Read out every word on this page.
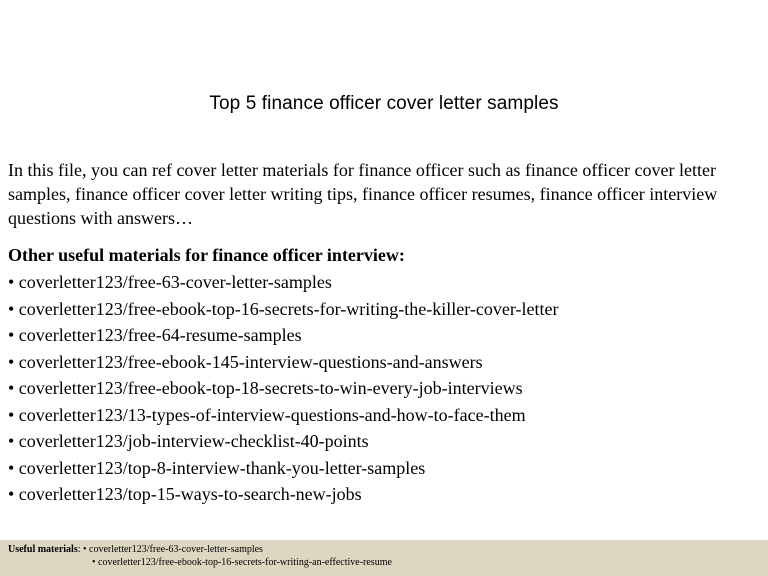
Top 5 finance officer cover letter samples
In this file, you can ref cover letter materials for finance officer such as finance officer cover letter samples, finance officer cover letter writing tips, finance officer resumes, finance officer interview questions with answers…
Other useful materials for finance officer interview:
• coverletter123/free-63-cover-letter-samples
• coverletter123/free-ebook-top-16-secrets-for-writing-the-killer-cover-letter
• coverletter123/free-64-resume-samples
• coverletter123/free-ebook-145-interview-questions-and-answers
• coverletter123/free-ebook-top-18-secrets-to-win-every-job-interviews
• coverletter123/13-types-of-interview-questions-and-how-to-face-them
• coverletter123/job-interview-checklist-40-points
• coverletter123/top-8-interview-thank-you-letter-samples
• coverletter123/top-15-ways-to-search-new-jobs
Useful materials: • coverletter123/free-63-cover-letter-samples
• coverletter123/free-ebook-top-16-secrets-for-writing-an-effective-resume
